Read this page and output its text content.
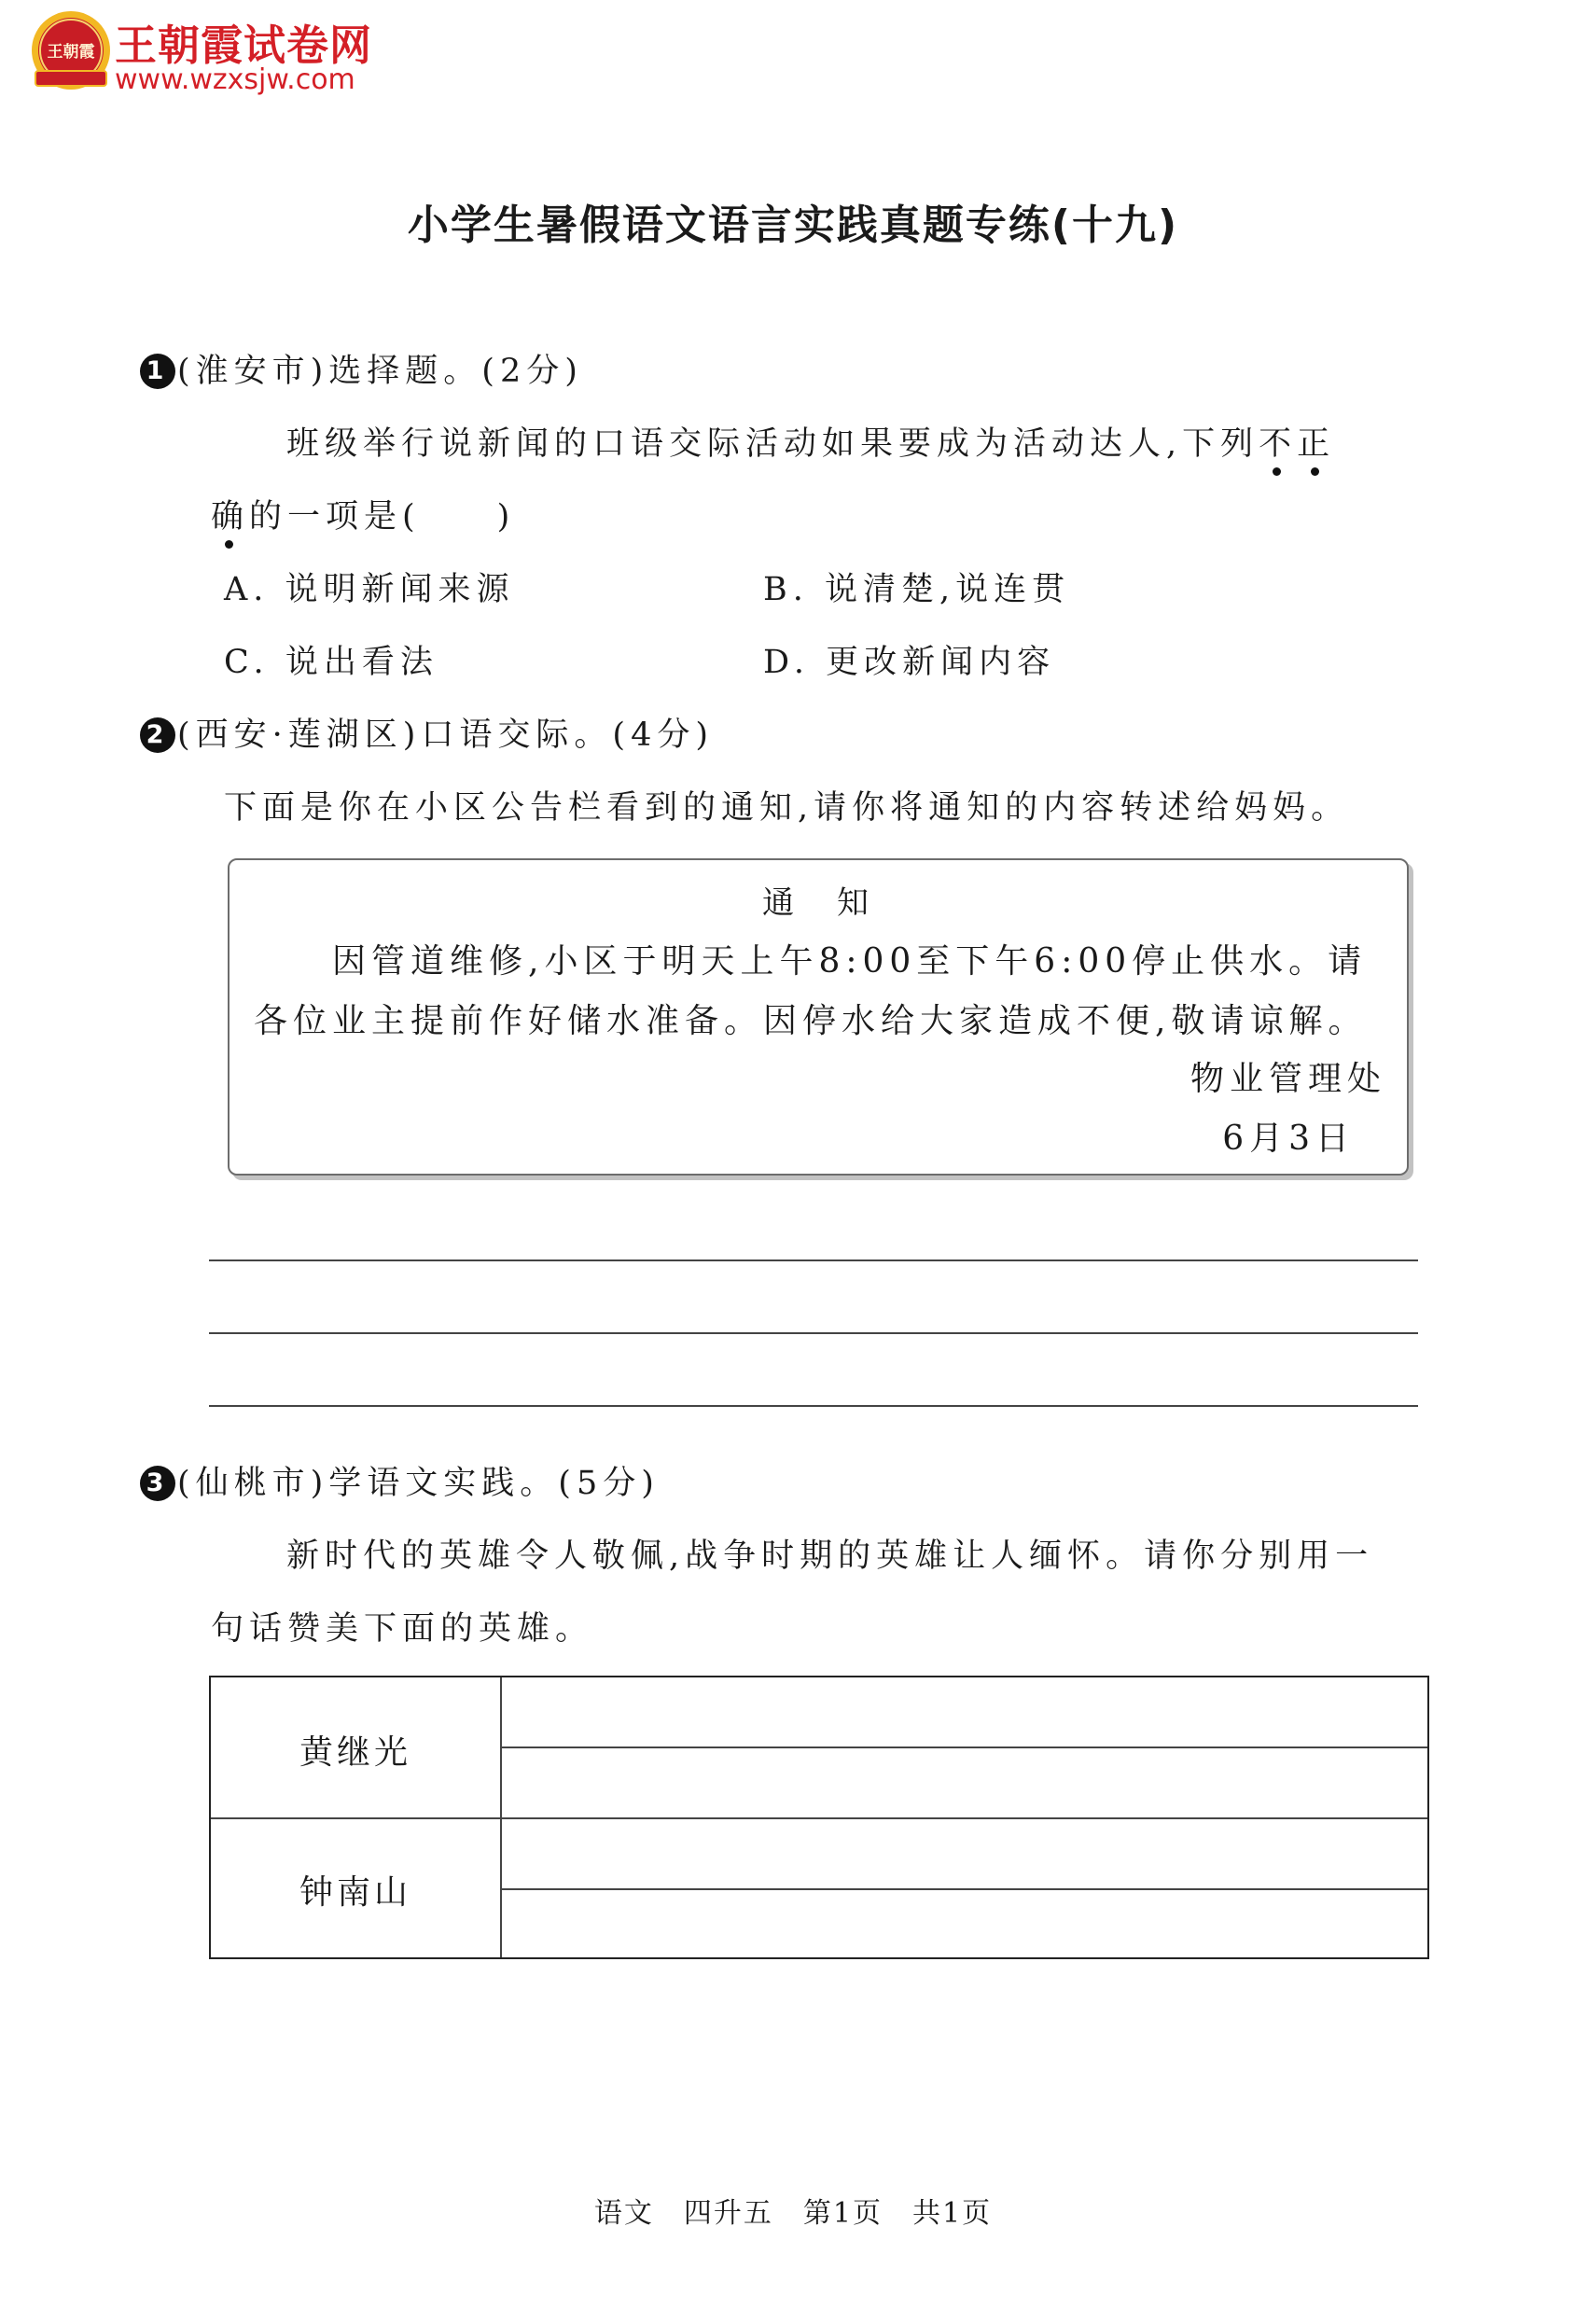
王朝霞 王朝霞试卷网
www.wzxsjw.com
小学生暑假语文语言实践真题专练(十九)
1 (淮安市)选择题。(2分)
班级举行说新闻的口语交际活动如果要成为活动达人,下列不正
确的一项是(　　)
A. 说明新闻来源	B. 说清楚,说连贯
C. 说出看法	D. 更改新闻内容
2 (西安·莲湖区)口语交际。(4分)
下面是你在小区公告栏看到的通知,请你将通知的内容转述给妈妈。
通　知
因管道维修,小区于明天上午8:00至下午6:00停止供水。请
各位业主提前作好储水准备。因停水给大家造成不便,敬请谅解。
物业管理处
6月3日
3 (仙桃市)学语文实践。(5分)
新时代的英雄令人敬佩,战争时期的英雄让人缅怀。请你分别用一
句话赞美下面的英雄。
黄继光
钟南山
语文　四升五　第1页　共1页
